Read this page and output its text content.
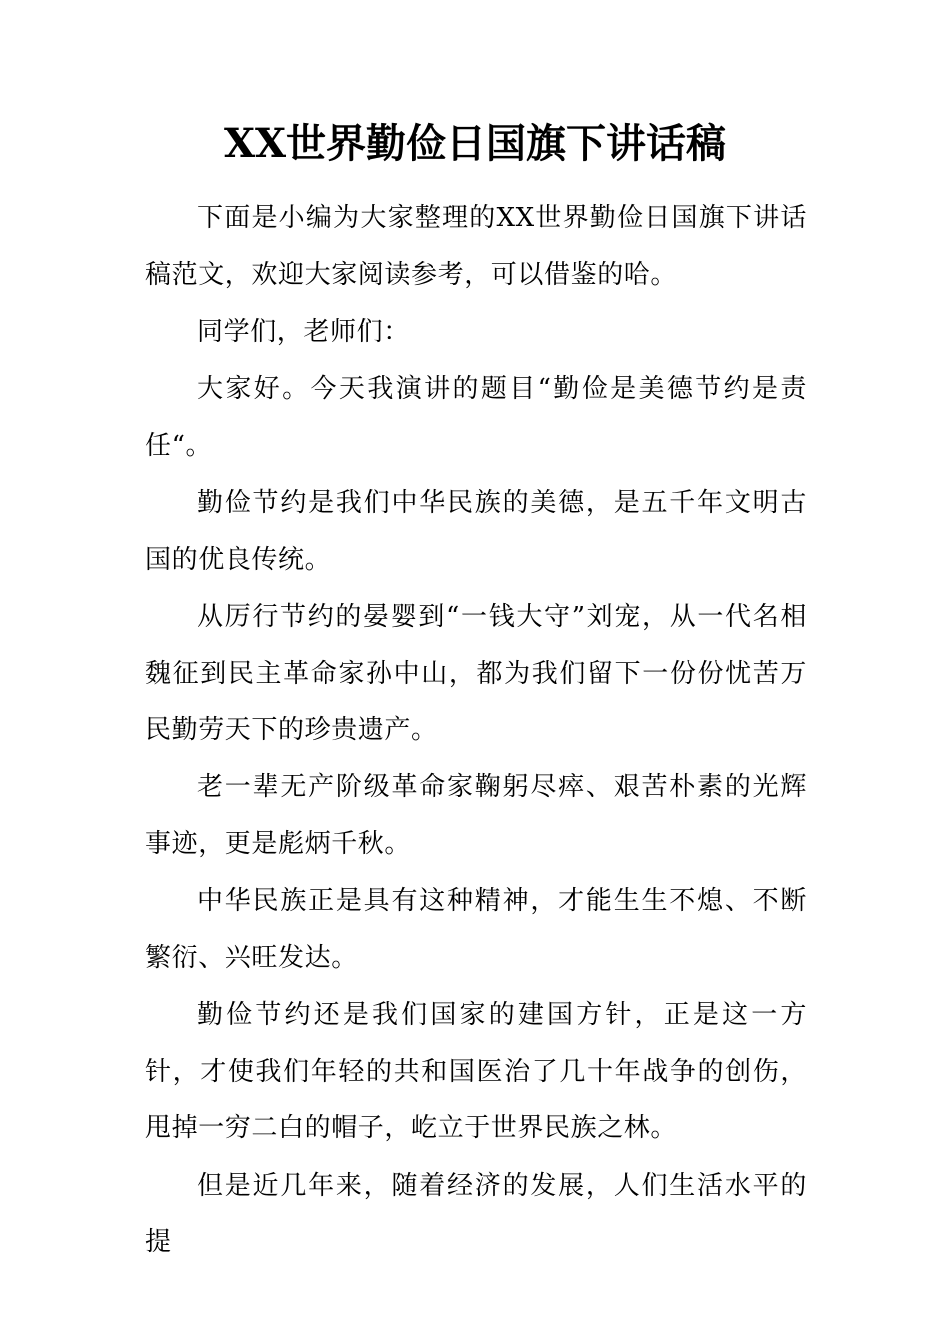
XX世界勤俭日国旗下讲话稿

下面是小编为大家整理的XX世界勤俭日国旗下讲话稿范文，欢迎大家阅读参考，可以借鉴的哈。

同学们，老师们：

大家好。今天我演讲的题目“勤俭是美德节约是责任“。

勤俭节约是我们中华民族的美德，是五千年文明古国的优良传统。

从厉行节约的晏婴到“一钱大守”刘宠，从一代名相魏征到民主革命家孙中山，都为我们留下一份份忧苦万民勤劳天下的珍贵遗产。

老一辈无产阶级革命家鞠躬尽瘁、艰苦朴素的光辉事迹，更是彪炳千秋。

中华民族正是具有这种精神，才能生生不熄、不断繁衍、兴旺发达。

勤俭节约还是我们国家的建国方针，正是这一方针，才使我们年轻的共和国医治了几十年战争的创伤，甩掉一穷二白的帽子，屹立于世界民族之林。

但是近几年来，随着经济的发展，人们生活水平的提
